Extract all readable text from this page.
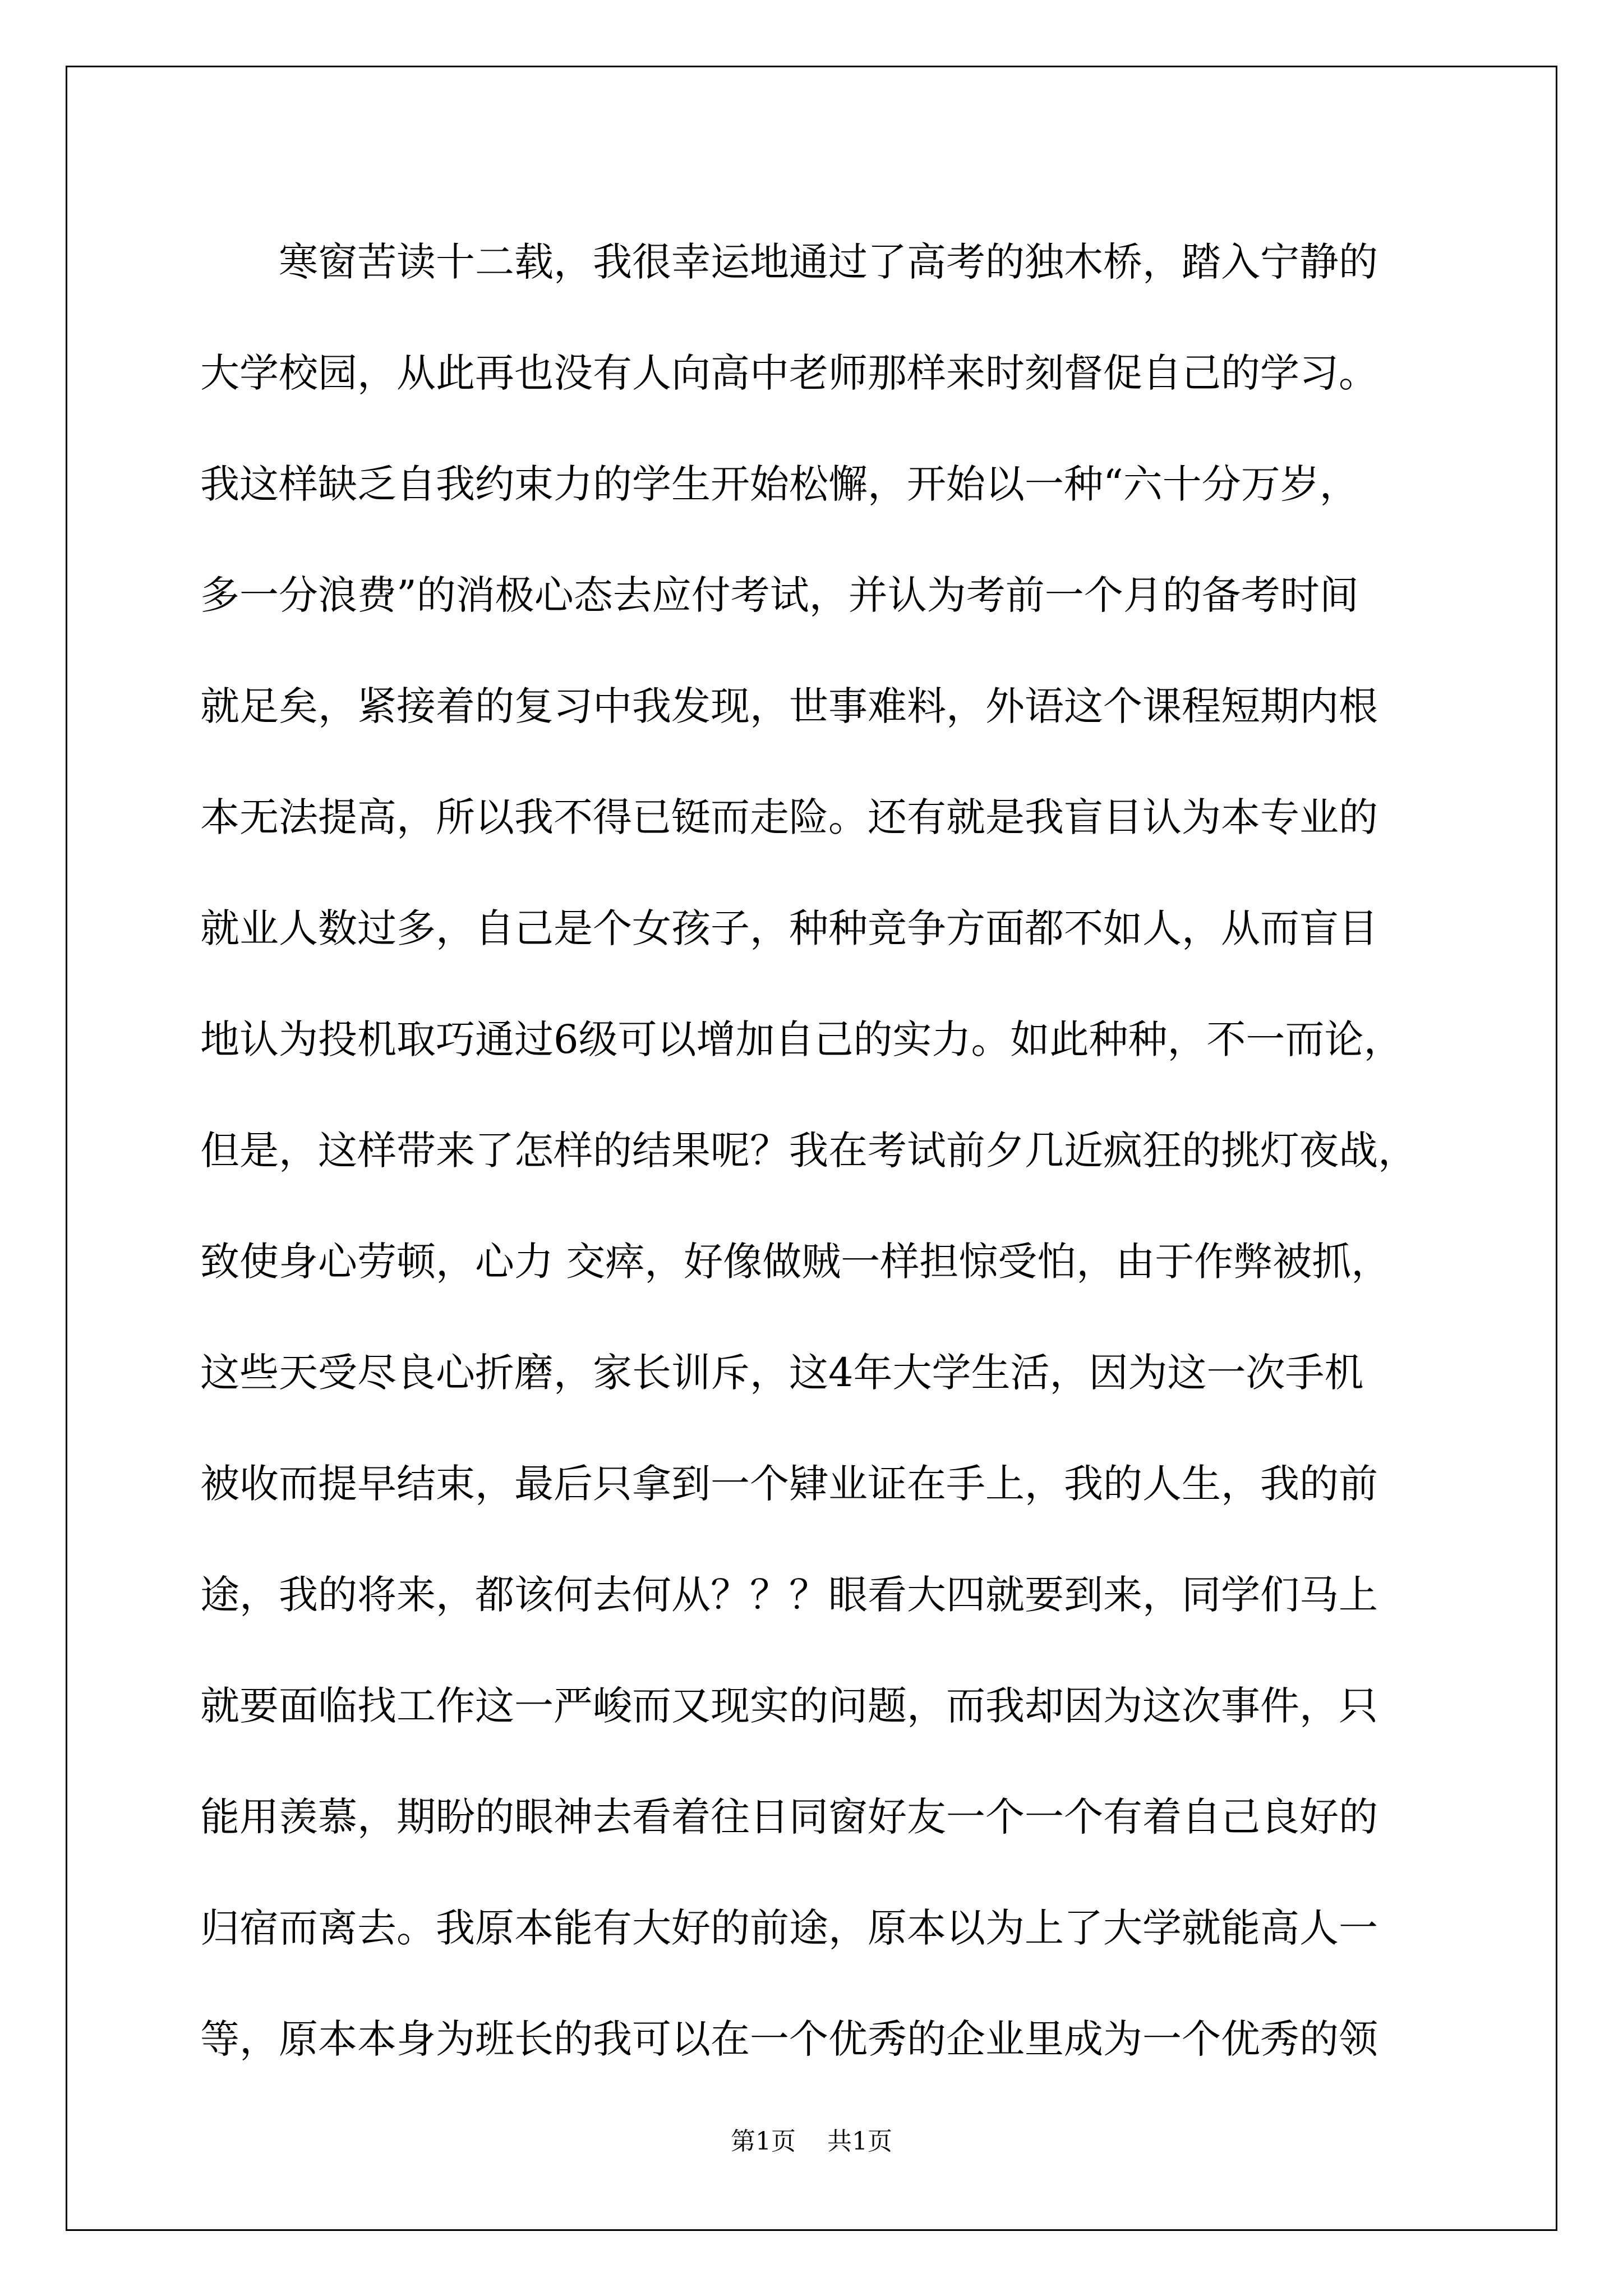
寒窗苦读十二载，我很幸运地通过了高考的独木桥，踏入宁静的
大学校园，从此再也没有人向高中老师那样来时刻督促自己的学习。
我这样缺乏自我约束力的学生开始松懈，开始以一种“六十分万岁，
多一分浪费”的消极心态去应付考试，并认为考前一个月的备考时间
就足矣，紧接着的复习中我发现，世事难料，外语这个课程短期内根
本无法提高，所以我不得已铤而走险。还有就是我盲目认为本专业的
就业人数过多，自己是个女孩子，种种竞争方面都不如人，从而盲目
地认为投机取巧通过6级可以增加自己的实力。如此种种，不一而论，
但是，这样带来了怎样的结果呢？我在考试前夕几近疯狂的挑灯夜战，
致使身心劳顿，心力 交瘁，好像做贼一样担惊受怕，由于作弊被抓，
这些天受尽良心折磨，家长训斥，这4年大学生活，因为这一次手机
被收而提早结束，最后只拿到一个肄业证在手上，我的人生，我的前
途，我的将来，都该何去何从？？？眼看大四就要到来，同学们马上
就要面临找工作这一严峻而又现实的问题，而我却因为这次事件，只
能用羡慕，期盼的眼神去看着往日同窗好友一个一个有着自己良好的
归宿而离去。我原本能有大好的前途，原本以为上了大学就能高人一
等，原本本身为班长的我可以在一个优秀的企业里成为一个优秀的领
第1页 共1页
